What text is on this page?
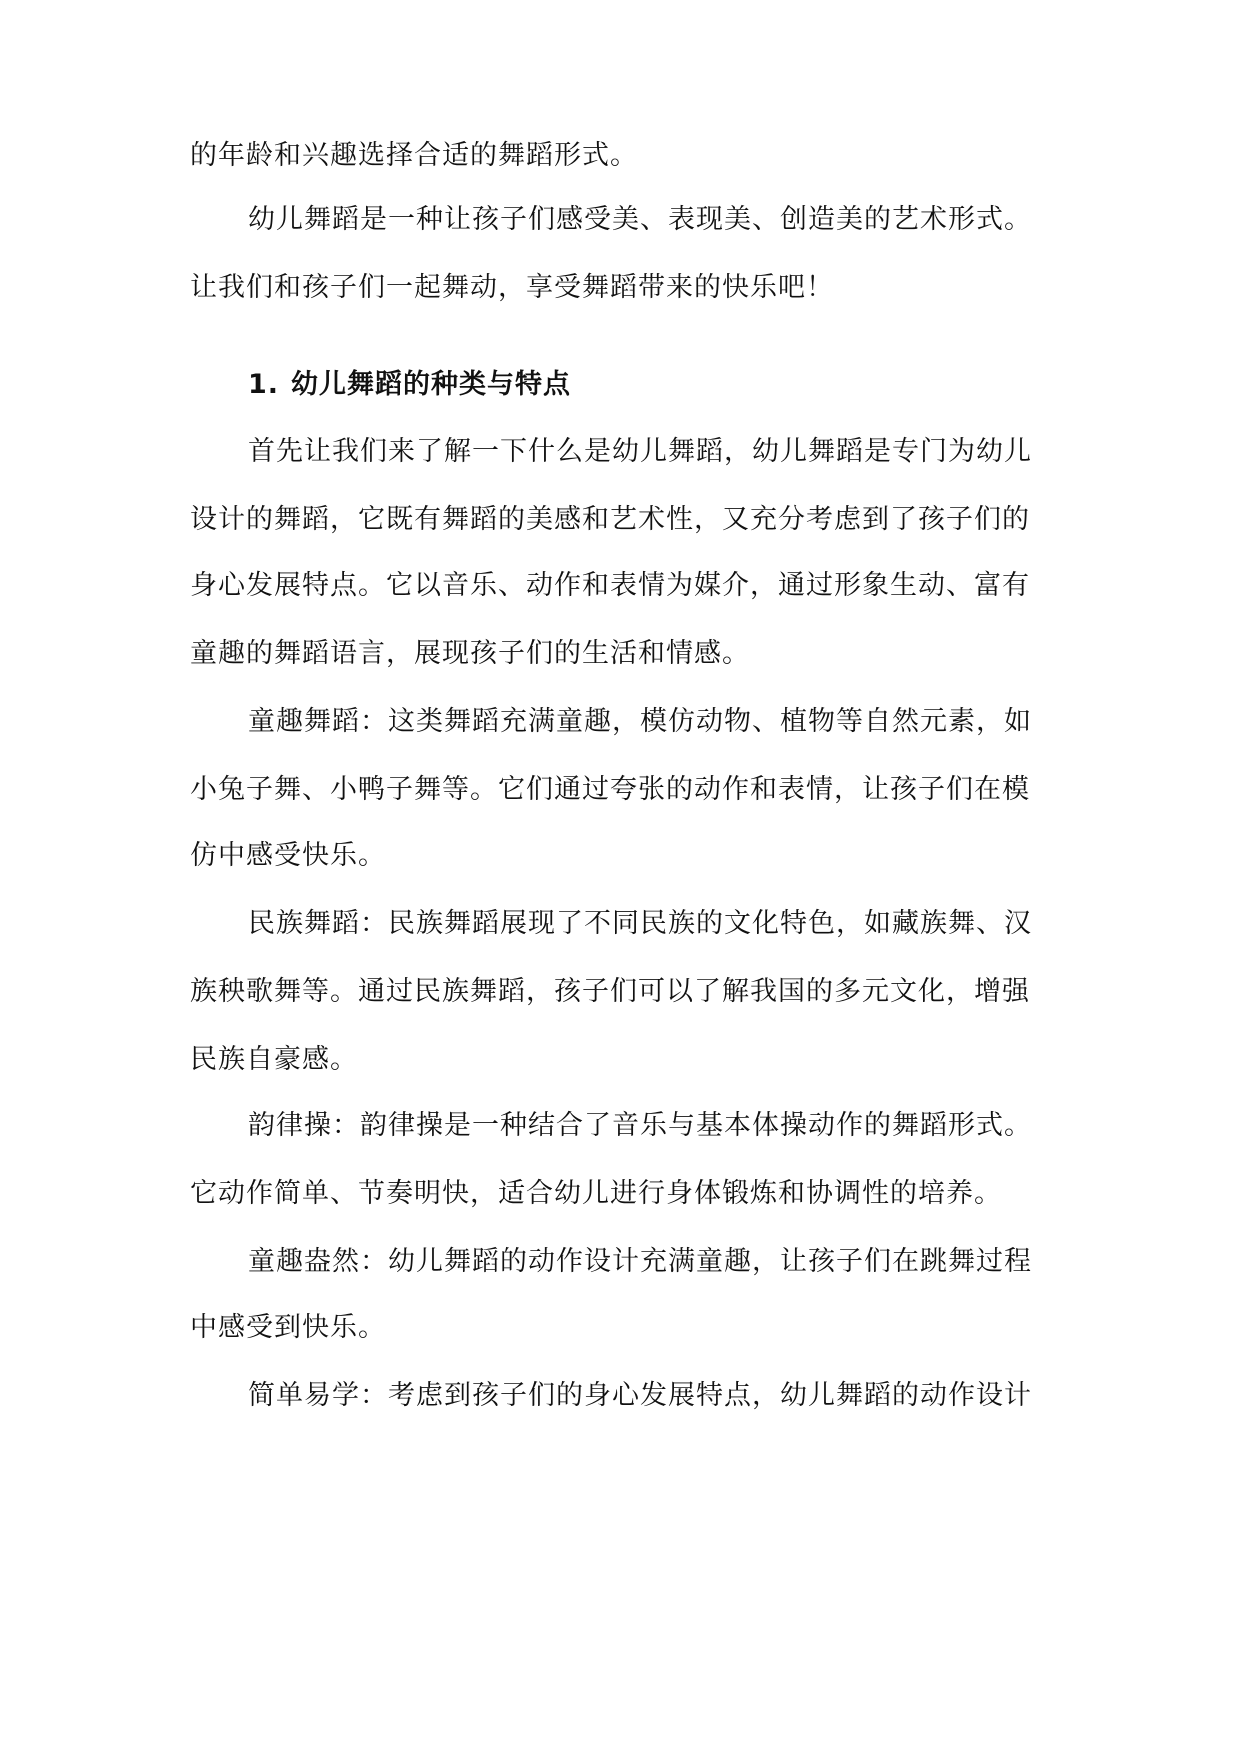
的年龄和兴趣选择合适的舞蹈形式。
幼儿舞蹈是一种让孩子们感受美、表现美、创造美的艺术形式。
让我们和孩子们一起舞动，享受舞蹈带来的快乐吧！
1. 幼儿舞蹈的种类与特点
首先让我们来了解一下什么是幼儿舞蹈，幼儿舞蹈是专门为幼儿
设计的舞蹈，它既有舞蹈的美感和艺术性，又充分考虑到了孩子们的
身心发展特点。它以音乐、动作和表情为媒介，通过形象生动、富有
童趣的舞蹈语言，展现孩子们的生活和情感。
童趣舞蹈：这类舞蹈充满童趣，模仿动物、植物等自然元素，如
小兔子舞、小鸭子舞等。它们通过夸张的动作和表情，让孩子们在模
仿中感受快乐。
民族舞蹈：民族舞蹈展现了不同民族的文化特色，如藏族舞、汉
族秧歌舞等。通过民族舞蹈，孩子们可以了解我国的多元文化，增强
民族自豪感。
韵律操：韵律操是一种结合了音乐与基本体操动作的舞蹈形式。
它动作简单、节奏明快，适合幼儿进行身体锻炼和协调性的培养。
童趣盎然：幼儿舞蹈的动作设计充满童趣，让孩子们在跳舞过程
中感受到快乐。
简单易学：考虑到孩子们的身心发展特点，幼儿舞蹈的动作设计
